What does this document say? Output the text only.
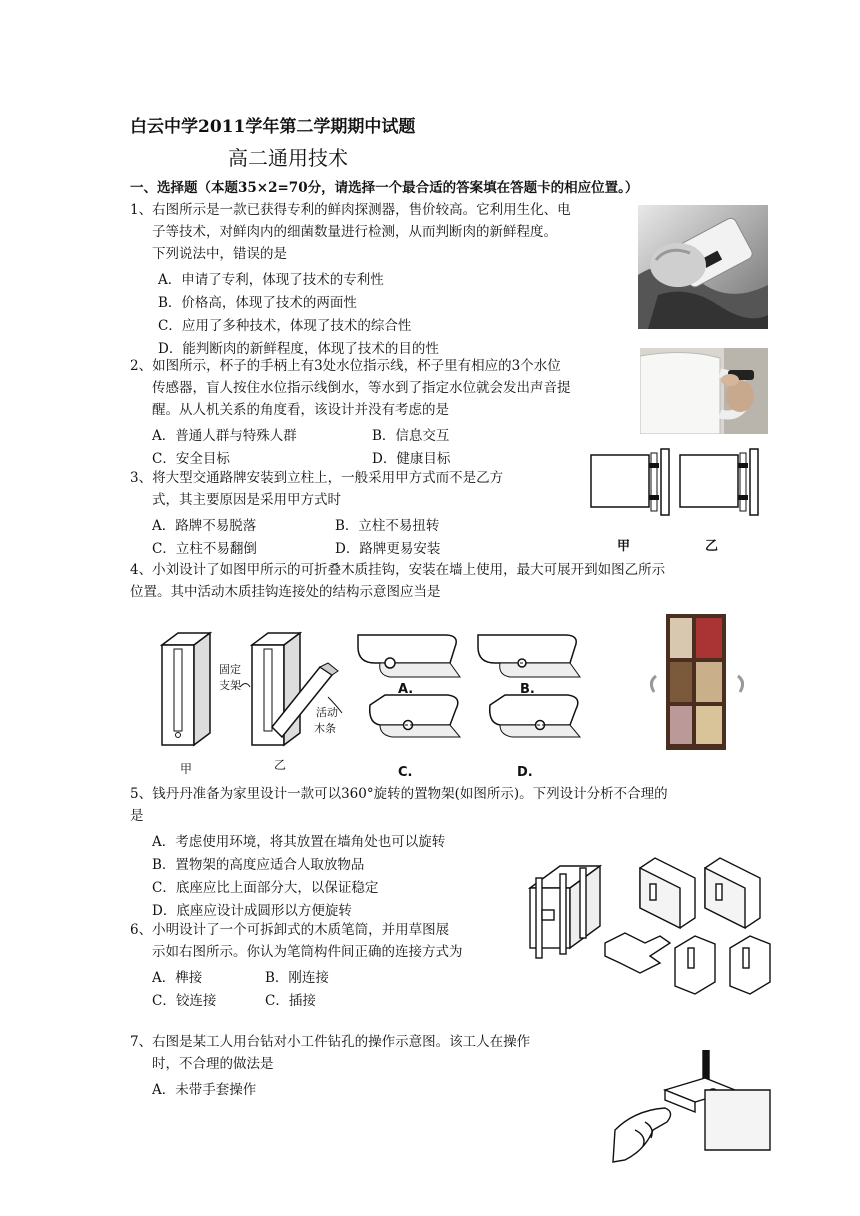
白云中学2011学年第二学期期中试题
高二通用技术
一、选择题（本题35×2=70分，请选择一个最合适的答案填在答题卡的相应位置。）
1、右图所示是一款已获得专利的鲜肉探测器，售价较高。它利用生化、电
子等技术，对鲜肉内的细菌数量进行检测，从而判断肉的新鲜程度。
下列说法中，错误的是
A．申请了专利，体现了技术的专利性
B．价格高，体现了技术的两面性
C．应用了多种技术，体现了技术的综合性
D．能判断肉的新鲜程度，体现了技术的目的性
2、如图所示，杯子的手柄上有3处水位指示线，杯子里有相应的3个水位
传感器，盲人按住水位指示线倒水，等水到了指定水位就会发出声音提
醒。从人机关系的角度看，该设计并没有考虑的是
A．普通人群与特殊人群	B．信息交互
C．安全目标	D．健康目标
3、将大型交通路牌安装到立柱上，一般采用甲方式而不是乙方
式，其主要原因是采用甲方式时
A．路牌不易脱落	B．立柱不易扭转
C．立柱不易翻倒	D．路牌更易安装	甲	乙
4、小刘设计了如图甲所示的可折叠木质挂钩，安装在墙上使用，最大可展开到如图乙所示
位置。其中活动木质挂钩连接处的结构示意图应当是
固定
支架
活动
木条
甲	乙
A.	B.
C.	D.
5、钱丹丹准备为家里设计一款可以360°旋转的置物架(如图所示)。下列设计分析不合理的
是
A．考虑使用环境，将其放置在墙角处也可以旋转
B．置物架的高度应适合人取放物品
C．底座应比上面部分大，以保证稳定
D．底座应设计成圆形以方便旋转
6、小明设计了一个可拆卸式的木质笔筒，并用草图展
示如右图所示。你认为笔筒构件间正确的连接方式为
A．榫接	B．刚连接
C．铰连接	C．插接
7、右图是某工人用台钻对小工件钻孔的操作示意图。该工人在操作
时，不合理的做法是
A．未带手套操作
